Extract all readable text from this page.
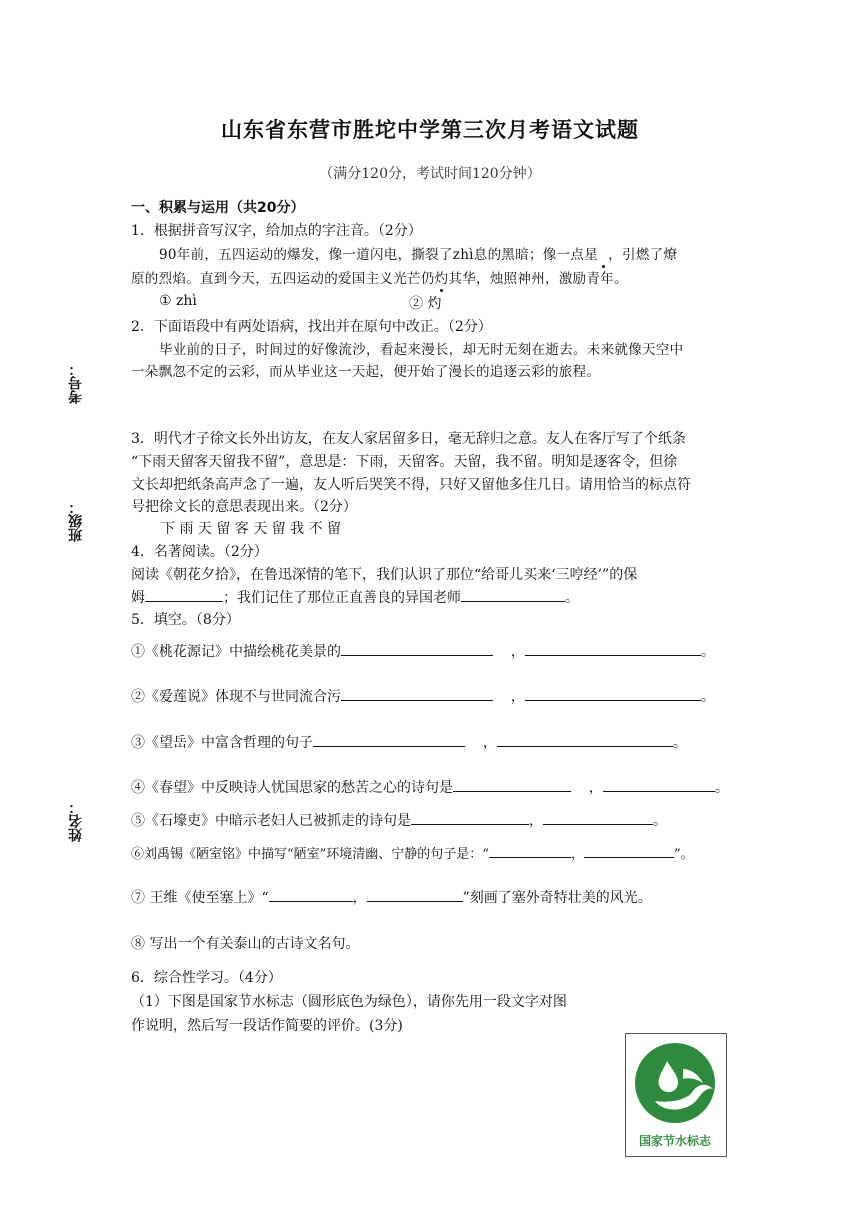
山东省东营市胜坨中学第三次月考语文试题
（满分120分，考试时间120分钟）
考号：
班级：
姓名：
一、积累与运用（共20分）
1．根据拼音写汉字，给加点的字注音。（2分）
90年前，五四运动的爆发，像一道闪电，撕裂了zhì息的黑暗；像一点星⠀，引燃了燎
原的烈焰。直到今天，五四运动的爱国主义光芒仍灼其华，烛照神州，激励青年。
① zhì	② 灼
2．下面语段中有两处语病，找出并在原句中改正。（2分）
毕业前的日子，时间过的好像流沙，看起来漫长，却无时无刻在逝去。未来就像天空中
一朵飘忽不定的云彩，而从毕业这一天起，便开始了漫长的追逐云彩的旅程。
3．明代才子徐文长外出访友，在友人家居留多日，毫无辞归之意。友人在客厅写了个纸条
“下雨天留客天留我不留”，意思是：下雨，天留客。天留，我不留。明知是逐客令，但徐
文长却把纸条高声念了一遍，友人听后哭笑不得，只好又留他多住几日。请用恰当的标点符
号把徐文长的意思表现出来。（2分）
下 雨 天 留 客 天 留 我 不 留
4．名著阅读。（2分）
阅读《朝花夕拾》，在鲁迅深情的笔下，我们认识了那位“给哥儿买来‘三哼经’”的保
姆	；我们记住了那位正直善良的异国老师	。
5．填空。（8分）
①《桃花源记》中描绘桃花美景的	，	。
②《爱莲说》体现不与世同流合污	，	。
③《望岳》中富含哲理的句子	，	。
④《春望》中反映诗人忧国思家的愁苦之心的诗句是	，	。
⑤《石壕吏》中暗示老妇人已被抓走的诗句是	，	。
⑥刘禹锡《陋室铭》中描写“陋室”环境清幽、宁静的句子是：“	，	”。
⑦ 王维《使至塞上》“	，	”刻画了塞外奇特壮美的风光。
⑧ 写出一个有关泰山的古诗文名句。
6．综合性学习。（4分）
（1）下图是国家节水标志（圆形底色为绿色），请你先用一段文字对图
作说明，然后写一段话作简要的评价。(3分)
国家节水标志
